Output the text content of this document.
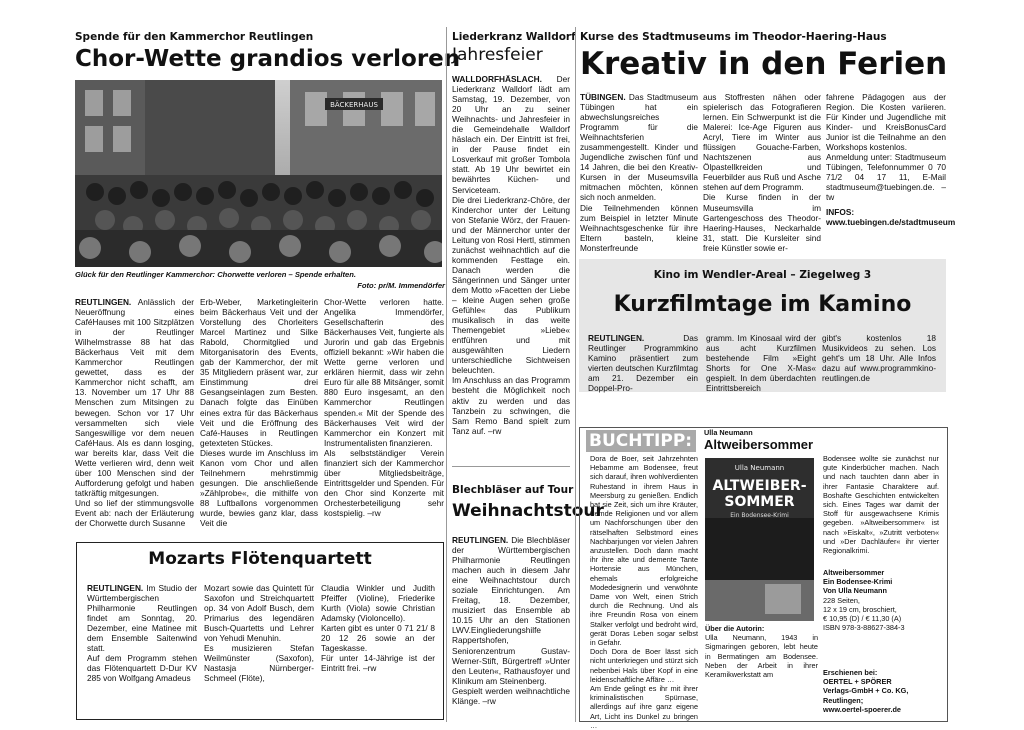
Spende für den Kammerchor Reutlingen
Chor-Wette grandios verloren
BÄCKERHAUS
Glück für den Reutlinger Kammerchor: Chorwette verloren – Spende erhalten.
Foto: pr/M. Immendörfer

REUTLINGEN. Anlässlich der Neueröffnung eines CaféHauses mit 100 Sitzplätzen in der Reutlinger Wilhelmstrasse 88 hat das Bäckerhaus Veit mit dem Kammerchor Reutlingen gewettet, dass es der Kammerchor nicht schafft, am 13. November um 17 Uhr 88 Menschen zum Mitsingen zu bewegen. Schon vor 17 Uhr versammelten sich viele Sangeswillige vor dem neuen CaféHaus. Als es dann losging, war bereits klar, dass Veit die Wette verlieren wird, denn weit über 100 Menschen sind der Aufforderung gefolgt und haben tatkräftig mitgesungen.

Und so lief der stimmungsvolle Event ab: nach der Erläuterung der Chorwette durch Susanne

Erb-Weber, Marketingleiterin beim Bäckerhaus Veit und der Vorstellung des Chorleiters Marcel Martinez und Silke Rabold, Chormitglied und Mitorganisatorin des Events, gab der Kammerchor, der mit 35 Mitgliedern präsent war, zur Einstimmung drei Gesangseinlagen zum Besten. Danach folgte das Einüben eines extra für das Bäckerhaus Veit und die Eröffnung des Café-Hauses in Reutlingen getexteten Stückes.

Dieses wurde im Anschluss im Kanon vom Chor und allen Teilnehmern mehrstimmig gesungen. Die anschließende »Zählprobe«, die mithilfe von 88 Luftballons vorgenommen wurde, bewies ganz klar, dass Veit die

Chor-Wette verloren hatte. Angelika Immendörfer, Gesellschafterin des Bäckerhauses Veit, fungierte als Jurorin und gab das Ergebnis offiziell bekannt: »Wir haben die Wette gerne verloren und erklären hiermit, dass wir zehn Euro für alle 88 Mitsänger, somit 880 Euro insgesamt, an den Kammerchor Reutlingen spenden.« Mit der Spende des Bäckerhauses Veit wird der Kammerchor ein Konzert mit Instrumentalisten finanzieren.

Als selbstständiger Verein finanziert sich der Kammerchor über Mitgliedsbeiträge, Eintrittsgelder und Spenden. Für den Chor sind Konzerte mit Orchesterbeteiligung sehr kostspielig. –rw

Mozarts Flötenquartett

REUTLINGEN. Im Studio der Württembergischen Philharmonie Reutlingen findet am Sonntag, 20. Dezember, eine Matinee mit dem Ensemble Saitenwind statt.

Auf dem Programm stehen das Flötenquartett D-Dur KV 285 von Wolfgang Amadeus

Mozart sowie das Quintett für Saxofon und Streichquartett op. 34 von Adolf Busch, dem Primarius des legendären Busch-Quartetts und Lehrer von Yehudi Menuhin.

Es musizieren Stefan Weilmünster (Saxofon), Nastasja Nürnberger-Schmeel (Flöte),

Claudia Winkler und Judith Pfeiffer (Violine), Friederike Kurth (Viola) sowie Christian Adamsky (Violoncello).

Karten gibt es unter 0 71 21/ 8 20 12 26 sowie an der Tageskasse.

Für unter 14-Jährige ist der Eintritt frei. –rw

Liederkranz Walldorf
Jahresfeier

WALLDORFHÄSLACH. Der Liederkranz Walldorf lädt am Samstag, 19. Dezember, von 20 Uhr an zu seiner Weihnachts- und Jahresfeier in die Gemeindehalle Walldorf häslach ein. Der Eintritt ist frei, in der Pause findet ein Losverkauf mit großer Tombola statt. Ab 19 Uhr bewirtet ein bewährtes Küchen- und Serviceteam.

Die drei Liederkranz-Chöre, der Kinderchor unter der Leitung von Stefanie Wörz, der Frauen- und der Männerchor unter der Leitung von Rosi Hertl, stimmen zunächst weihnachtlich auf die kommenden Festtage ein. Danach werden die Sängerinnen und Sänger unter dem Motto »Facetten der Liebe – kleine Augen sehen große Gefühle« das Publikum musikalisch in das weite Themengebiet »Liebe« entführen und mit ausgewählten Liedern unterschiedliche Sichtweisen beleuchten.

Im Anschluss an das Programm besteht die Möglichkeit noch aktiv zu werden und das Tanzbein zu schwingen, die Sam Remo Band spielt zum Tanz auf. –rw

Blechbläser auf Tour
Weihnachtstour

REUTLINGEN. Die Blechbläser der Württembergischen Philharmonie Reutlingen machen auch in diesem Jahr eine Weihnachtstour durch soziale Einrichtungen. Am Freitag, 18. Dezember, musiziert das Ensemble ab 10.15 Uhr an den Stationen LWV.Eingliederungshilfe Rappertshofen, Seniorenzentrum Gustav-Werner-Stift, Bürgertreff »Unter den Leuten«, Rathausfoyer und Klinikum am Steinenberg.

Gespielt werden weihnachtliche Klänge. –rw

Kurse des Stadtmuseums im Theodor-Haering-Haus
Kreativ in den Ferien

TÜBINGEN. Das Stadtmuseum Tübingen hat ein abwechslungsreiches Programm für die Weihnachtsferien zusammengestellt. Kinder und Jugendliche zwischen fünf und 14 Jahren, die bei den Kreativ-Kursen in der Museumsvilla mitmachen möchten, können sich noch anmelden.

Die Teilnehmenden können zum Beispiel in letzter Minute Weihnachtsgeschenke für ihre Eltern basteln, kleine Monsterfreunde

aus Stoffresten nähen oder spielerisch das Fotografieren lernen. Ein Schwerpunkt ist die Malerei: Ice-Age Figuren aus Acryl, Tiere im Winter aus flüssigen Gouache-Farben, Nachtszenen aus Ölpastellkreiden und Feuerbilder aus Ruß und Asche stehen auf dem Programm.

Die Kurse finden in der Museumsvilla im Gartengeschoss des Theodor-Haering-Hauses, Neckarhalde 31, statt. Die Kursleiter sind freie Künstler sowie er-

fahrene Pädagogen aus der Region. Die Kosten variieren. Für Kinder und Jugendliche mit Kinder- und KreisBonusCard Junior ist die Teilnahme an den Workshops kostenlos.

Anmeldung unter: Stadtmuseum Tübingen, Telefonnummer 0 70 71/2 04 17 11, E-Mail stadtmuseum@tuebingen.de. –tw

INFOS: www.tuebingen.de/stadtmuseum

Kino im Wendler-Areal – Ziegelweg 3
Kurzfilmtage im Kamino

REUTLINGEN. Das Reutlinger Programmkino Kamino präsentiert zum vierten deutschen Kurzfilmtag am 21. Dezember ein Doppel-Pro-

gramm. Im Kinosaal wird der aus acht Kurzfilmen bestehende Film »Eight Shorts for One X-Mas« gespielt. In dem überdachten Eintrittsbereich

gibt's kostenlos 18 Musikvideos zu sehen. Los geht's um 18 Uhr. Alle Infos dazu auf www.programmkino-reutlingen.de

BUCHTIPP:	Ulla Neumann
Altweibersommer
Dora de Boer, seit Jahrzehnten Hebamme am Bodensee, freut sich darauf, ihren wohlverdienten Ruhestand in ihrem Haus in Meersburg zu genießen. Endlich hat sie Zeit, sich um ihre Kräuter, fremde Religionen und vor allem um Nachforschungen über den rätselhaften Selbstmord eines Nachbarjungen vor vielen Jahren anzustellen. Doch dann macht ihr ihre alte und demente Tante Hortensie aus München, ehemals erfolgreiche Modedesignerin und verwöhnte Dame von Welt, einen Strich durch die Rechnung. Und als ihre Freundin Rosa von einem Stalker verfolgt und bedroht wird, gerät Doras Leben sogar selbst in Gefahr.
Doch Dora de Boer lässt sich nicht unterkriegen und stürzt sich nebenbei Hals über Kopf in eine leidenschaftliche Affäre …
Am Ende gelingt es ihr mit ihrer kriminalistischen Spürnase, allerdings auf ihre ganz eigene Art, Licht ins Dunkel zu bringen …
Ulla Neumann
ALTWEIBER-
SOMMER
Ein Bodensee-Krimi
Über die Autorin:
Ulla Neumann, 1943 in Sigmaringen geboren, lebt heute in Bermatingen am Bodensee. Neben der Arbeit in ihrer Keramikwerkstatt am
Bodensee wollte sie zunächst nur gute Kinderbücher machen. Nach und nach tauchten dann aber in ihrer Fantasie Charaktere auf. Boshafte Geschichten entwickelten sich. Eines Tages war damit der Stoff für ausgewachsene Krimis gegeben. »Altweibersommer« ist nach »Eiskalt«, »Zutritt verboten« und »Der Dachläufer« ihr vierter Regionalkrimi.
Altweibersommer
Ein Bodensee-Krimi
Von Ulla Neumann
228 Seiten,
12 x 19 cm, broschiert,
€ 10,95 (D) / € 11,30 (A)
ISBN 978-3-88627-384-3
Erschienen bei:
OERTEL + SPÖRER
Verlags-GmbH + Co. KG,
Reutlingen;
www.oertel-spoerer.de
